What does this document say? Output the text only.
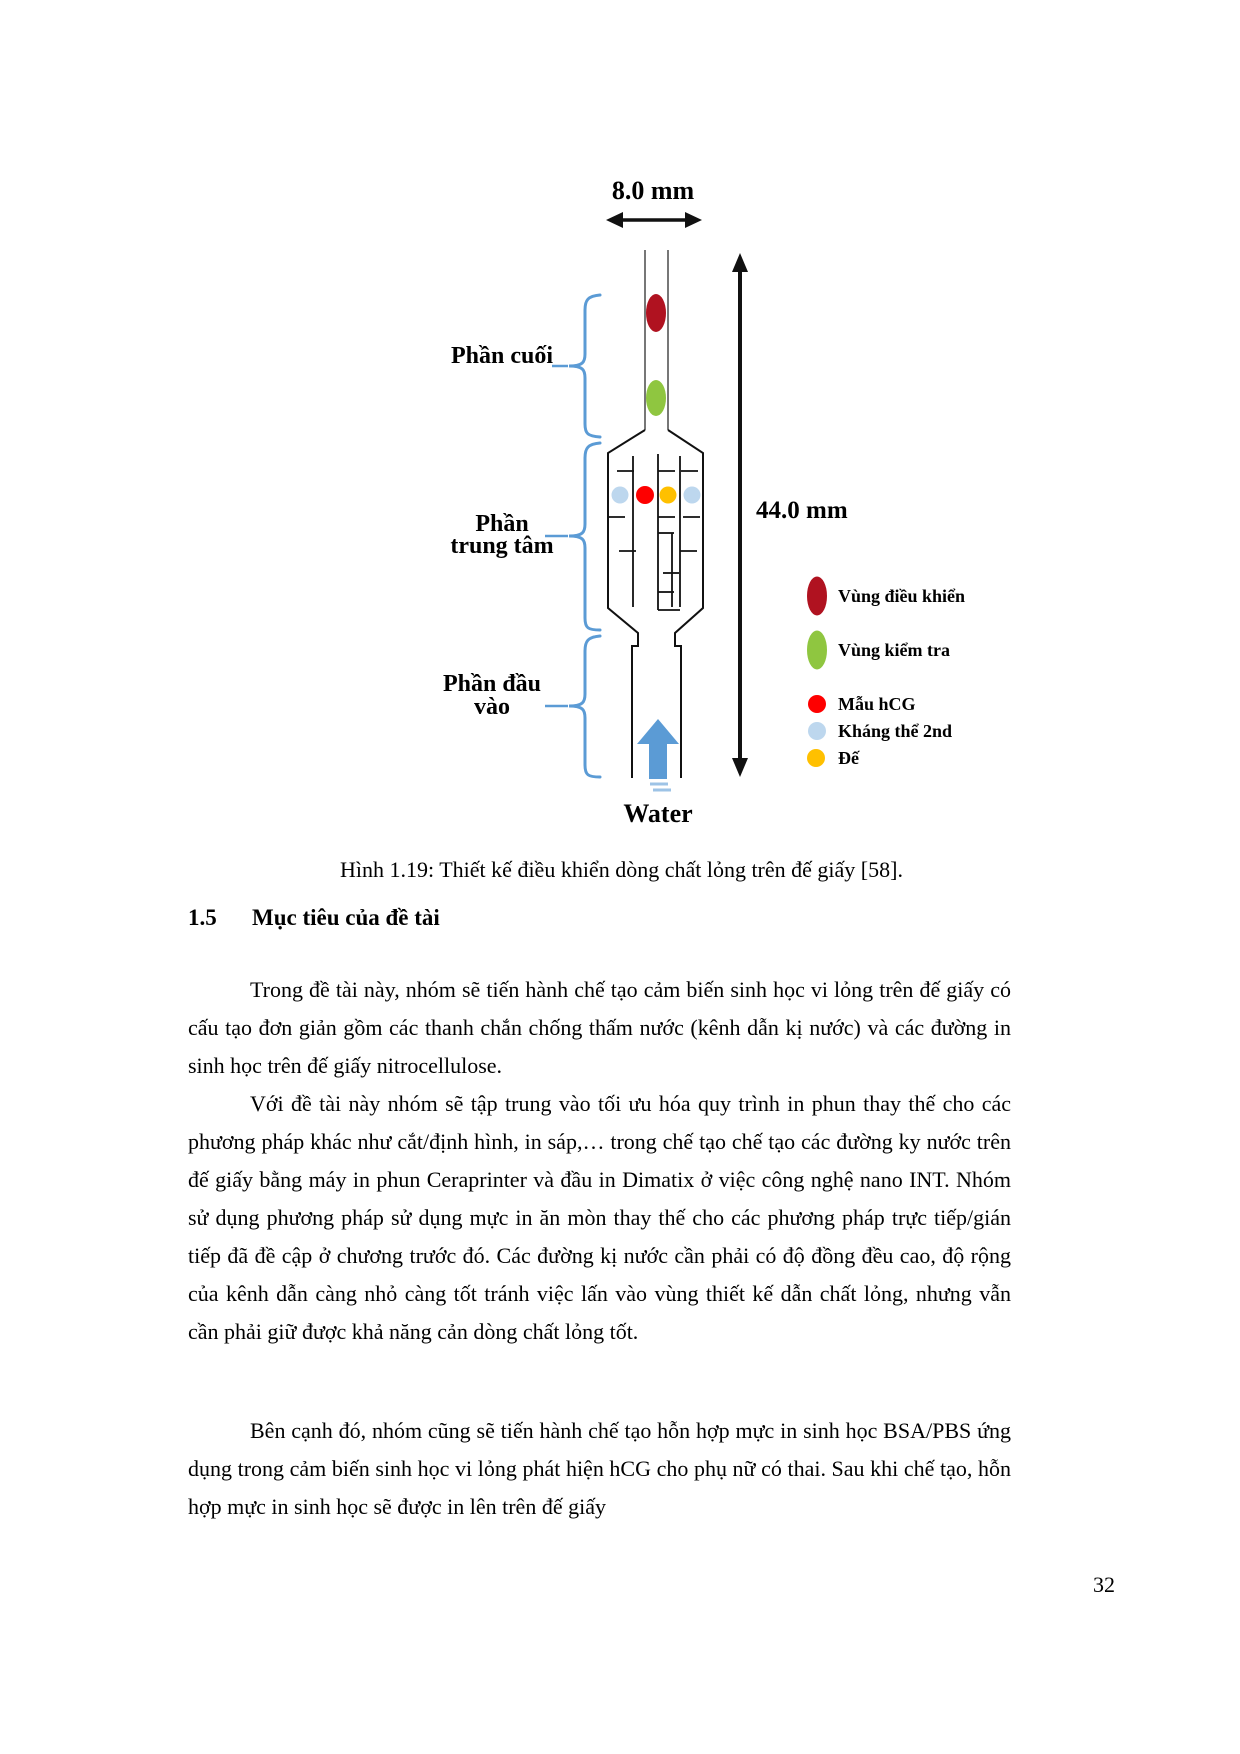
8.0 mm
44.0 mm
Water
Phần cuối
Phần
trung tâm
Phần đầu
vào
Vùng điều khiển
Vùng kiểm tra
Mẫu hCG
Kháng thể 2nd
Đế
Hình 1.19: Thiết kế điều khiển dòng chất lỏng trên đế giấy [58].
1.5	Mục tiêu của đề tài

Trong đề tài này, nhóm sẽ tiến hành chế tạo cảm biến sinh học vi lỏng trên đế giấy có cấu tạo đơn giản gồm các thanh chắn chống thấm nước (kênh dẫn kị nước) và các đường in sinh học trên đế giấy nitrocellulose.

Với đề tài này nhóm sẽ tập trung vào tối ưu hóa quy trình in phun thay thế cho các phương pháp khác như cắt/định hình, in sáp,… trong chế tạo chế tạo các đường ky nước trên đế giấy bằng máy in phun Ceraprinter và đầu in Dimatix ở việc công nghệ nano INT. Nhóm sử dụng phương pháp sử dụng mực in ăn mòn thay thế cho các phương pháp trực tiếp/gián tiếp đã đề cập ở chương trước đó. Các đường kị nước cần phải có độ đồng đều cao, độ rộng của kênh dẫn càng nhỏ càng tốt tránh việc lấn vào vùng thiết kế dẫn chất lỏng, nhưng vẫn cần phải giữ được khả năng cản dòng chất lỏng tốt.

Bên cạnh đó, nhóm cũng sẽ tiến hành chế tạo hỗn hợp mực in sinh học BSA/PBS ứng dụng trong cảm biến sinh học vi lỏng phát hiện hCG cho phụ nữ có thai. Sau khi chế tạo, hỗn hợp mực in sinh học sẽ được in lên trên đế giấy

32
